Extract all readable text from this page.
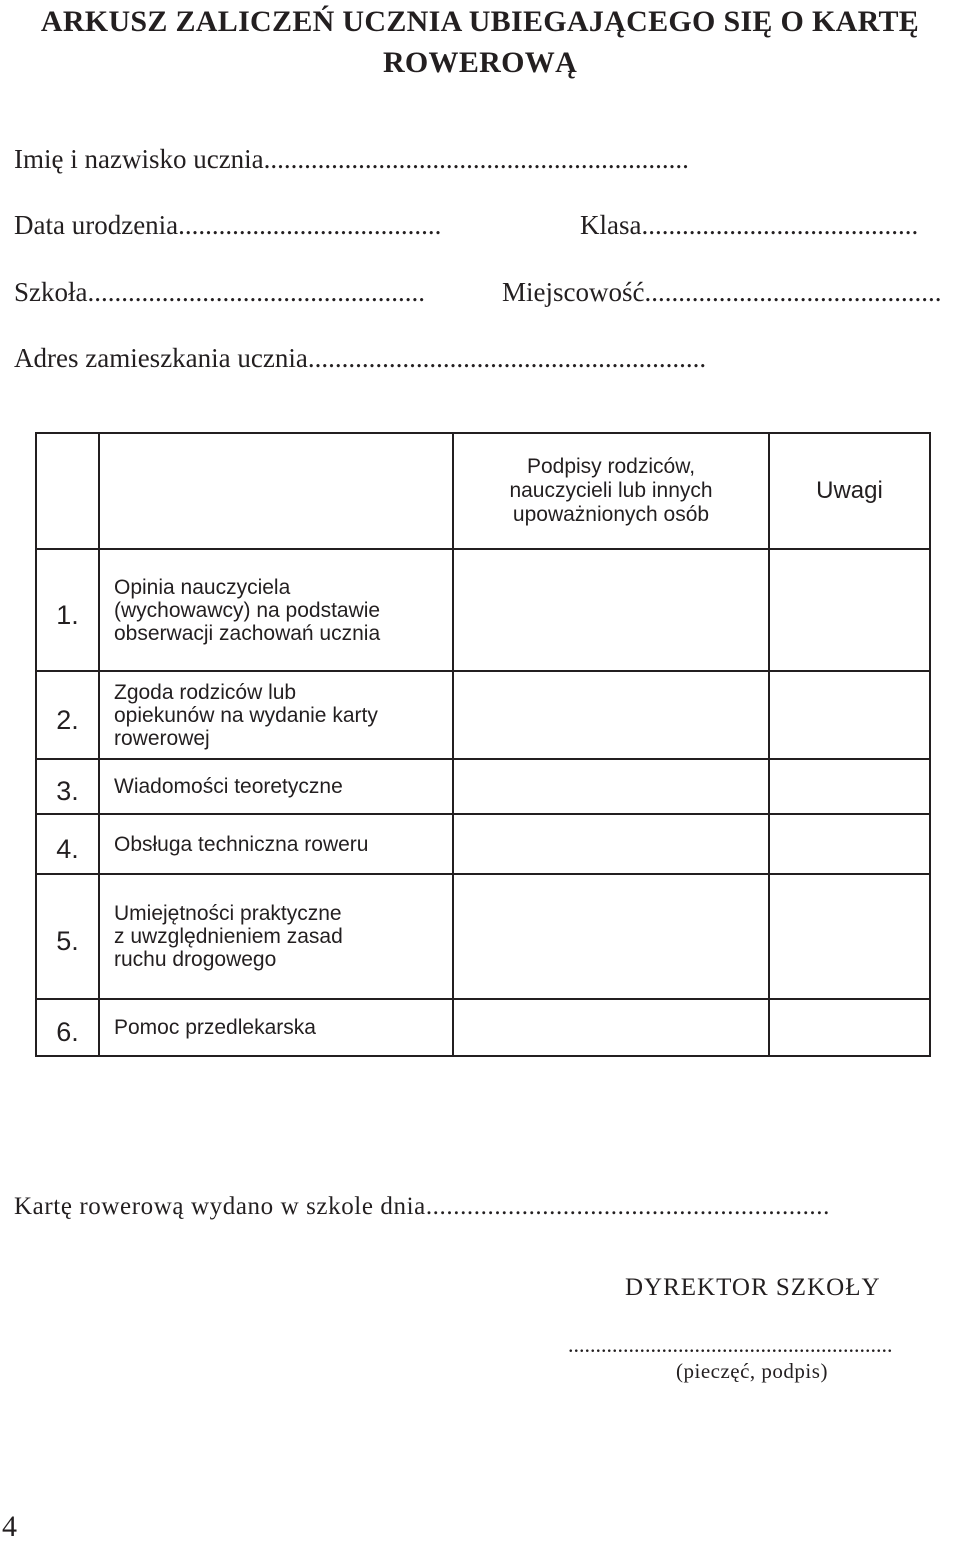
ARKUSZ ZALICZEŃ UCZNIA UBIEGAJĄCEGO SIĘ O KARTĘ
ROWEROWĄ
Imię i nazwisko ucznia...............................................................
Data urodzenia.......................................	Klasa.........................................
Szkoła..................................................	Miejscowość............................................
Adres zamieszkania ucznia...........................................................

		Podpisy rodziców,
nauczycieli lub innych
upoważnionych osób	Uwagi
1.	Opinia nauczyciela
(wychowawcy) na podstawie
obserwacji zachowań ucznia		

2.	Zgoda rodziców lub
opiekunów na wydanie karty
rowerowej		

3.	Wiadomości teoretyczne		

4.	Obsługa techniczna roweru		

5.	Umiejętności praktyczne
z uwzględnieniem zasad
ruchu drogowego		

6.	Pomoc przedlekarska		

Kartę rowerową wydano w szkole dnia...........................................................
DYREKTOR SZKOŁY
...........................................................
(pieczęć, podpis)
4
